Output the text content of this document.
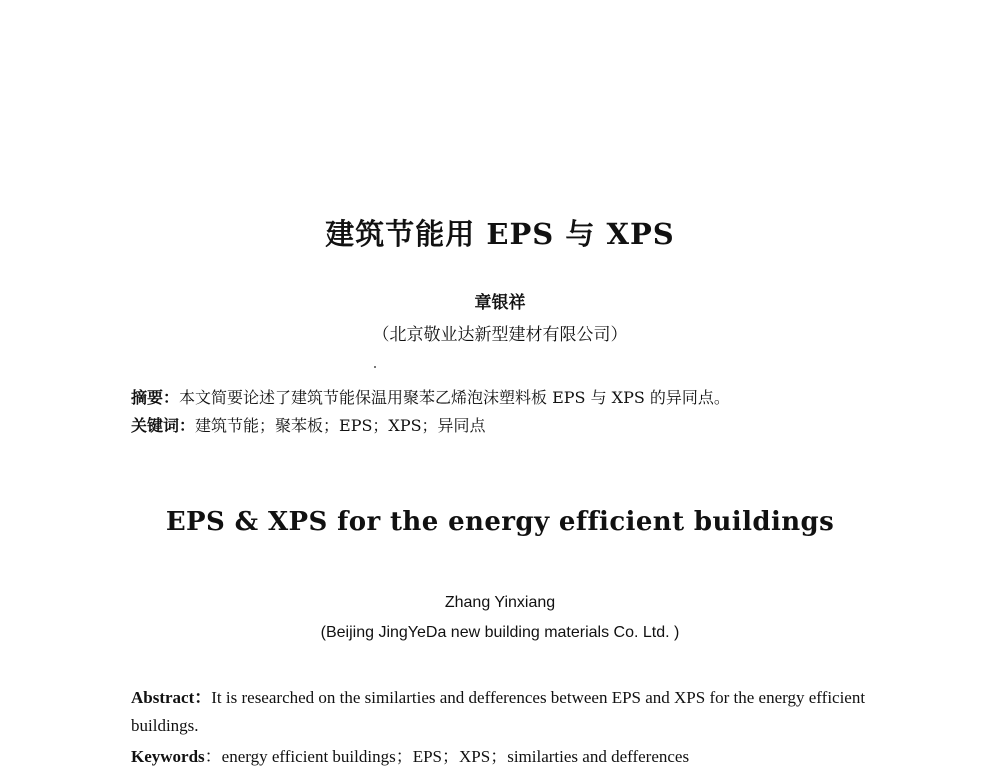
建筑节能用 EPS 与 XPS
章银祥
（北京敬业达新型建材有限公司）
摘要：本文简要论述了建筑节能保温用聚苯乙烯泡沫塑料板 EPS 与 XPS 的异同点。
关键词：建筑节能；聚苯板；EPS；XPS；异同点
EPS & XPS for the energy efficient buildings
Zhang Yinxiang
(Beijing JingYeDa new building materials Co. Ltd. )
Abstract：It is researched on the similarties and defferences between EPS and XPS for the energy efficient buildings.
Keywords：energy efficient buildings；EPS；XPS；similarties and defferences
